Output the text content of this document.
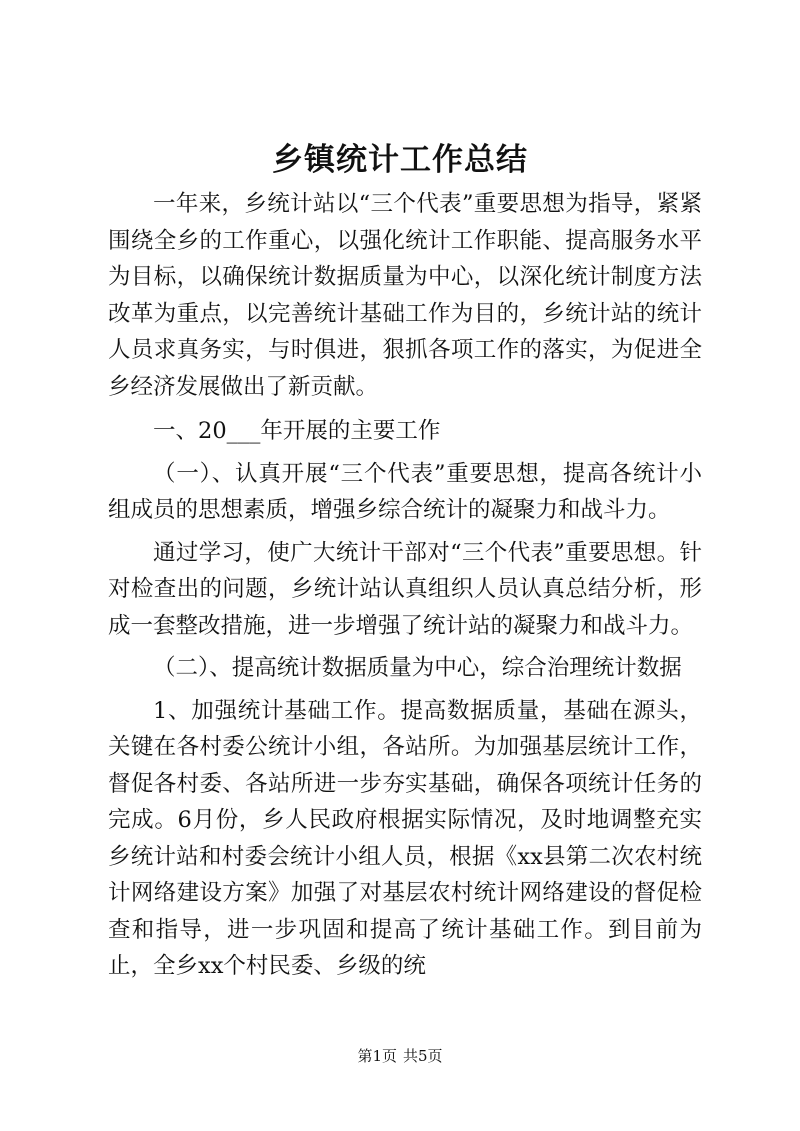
乡镇统计工作总结

一年来，乡统计站以“三个代表”重要思想为指导，紧紧围绕全乡的工作重心，以强化统计工作职能、提高服务水平为目标，以确保统计数据质量为中心，以深化统计制度方法改革为重点，以完善统计基础工作为目的，乡统计站的统计人员求真务实，与时俱进，狠抓各项工作的落实，为促进全乡经济发展做出了新贡献。

一、20___年开展的主要工作

（一）、认真开展“三个代表”重要思想，提高各统计小组成员的思想素质，增强乡综合统计的凝聚力和战斗力。

通过学习，使广大统计干部对“三个代表”重要思想。针对检查出的问题，乡统计站认真组织人员认真总结分析，形成一套整改措施，进一步增强了统计站的凝聚力和战斗力。

（二）、提高统计数据质量为中心，综合治理统计数据

1、加强统计基础工作。提高数据质量，基础在源头，关键在各村委公统计小组，各站所。为加强基层统计工作，督促各村委、各站所进一步夯实基础，确保各项统计任务的完成。6月份，乡人民政府根据实际情况，及时地调整充实乡统计站和村委会统计小组人员，根据《xx县第二次农村统计网络建设方案》加强了对基层农村统计网络建设的督促检查和指导，进一步巩固和提高了统计基础工作。到目前为止，全乡xx个村民委、乡级的统

第1页 共5页
